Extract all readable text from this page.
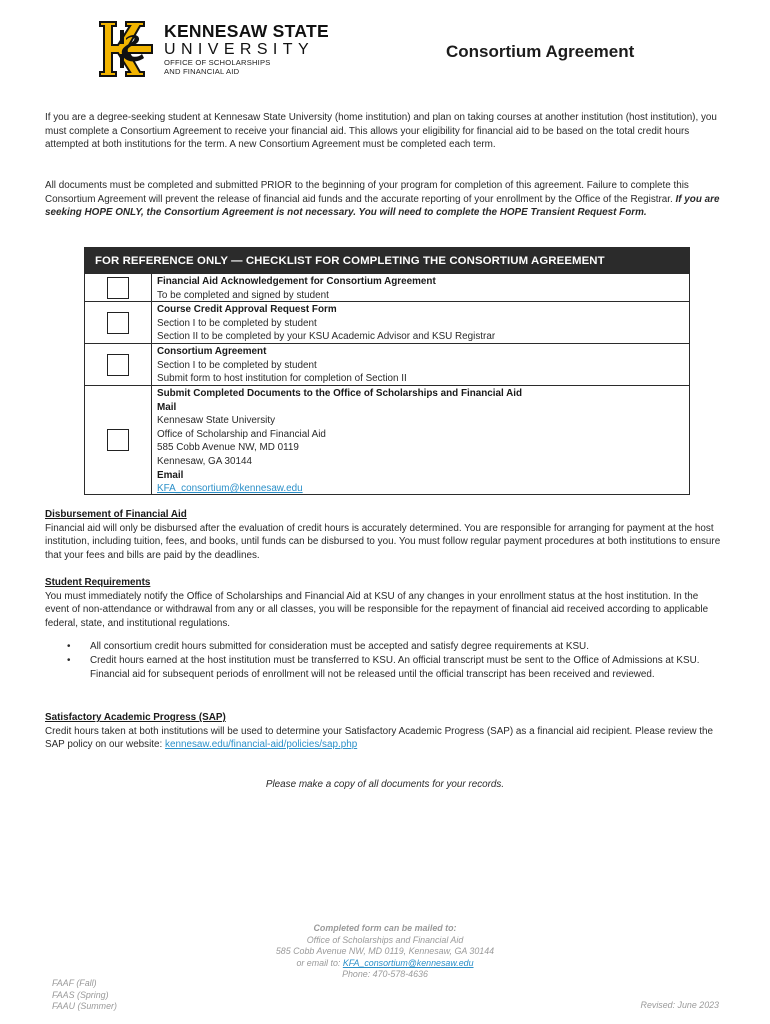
KENNESAW STATE
UNIVERSITY
OFFICE OF SCHOLARSHIPS
AND FINANCIAL AID
Consortium Agreement
If you are a degree-seeking student at Kennesaw State University (home institution) and plan on taking courses at another institution (host institution), you must complete a Consortium Agreement to receive your financial aid. This allows your eligibility for financial aid to be based on the total credit hours attempted at both institutions for the term. A new Consortium Agreement must be completed each term.
All documents must be completed and submitted PRIOR to the beginning of your program for completion of this agreement. Failure to complete this Consortium Agreement will prevent the release of financial aid funds and the accurate reporting of your enrollment by the Office of the Registrar. If you are seeking HOPE ONLY, the Consortium Agreement is not necessary. You will need to complete the HOPE Transient Request Form.
FOR REFERENCE ONLY — CHECKLIST FOR COMPLETING THE CONSORTIUM AGREEMENT
Financial Aid Acknowledgement for Consortium Agreement
To be completed and signed by student
Course Credit Approval Request Form
Section I to be completed by student
Section II to be completed by your KSU Academic Advisor and KSU Registrar
Consortium Agreement
Section I to be completed by student
Submit form to host institution for completion of Section II
Submit Completed Documents to the Office of Scholarships and Financial Aid
Mail
Kennesaw State University
Office of Scholarship and Financial Aid
585 Cobb Avenue NW, MD 0119
Kennesaw, GA 30144
Email
KFA_consortium@kennesaw.edu
Disbursement of Financial Aid
Financial aid will only be disbursed after the evaluation of credit hours is accurately determined. You are responsible for arranging for payment at the host institution, including tuition, fees, and books, until funds can be disbursed to you. You must follow regular payment procedures at both institutions to ensure that your fees and bills are paid by the deadlines.
Student Requirements
You must immediately notify the Office of Scholarships and Financial Aid at KSU of any changes in your enrollment status at the host institution. In the event of non-attendance or withdrawal from any or all classes, you will be responsible for the repayment of financial aid received according to applicable federal, state, and institutional regulations.
• All consortium credit hours submitted for consideration must be accepted and satisfy degree requirements at KSU.
• Credit hours earned at the host institution must be transferred to KSU. An official transcript must be sent to the Office of Admissions at KSU. Financial aid for subsequent periods of enrollment will not be released until the official transcript has been received and reviewed.
Satisfactory Academic Progress (SAP)
Credit hours taken at both institutions will be used to determine your Satisfactory Academic Progress (SAP) as a financial aid recipient. Please review the SAP policy on our website: kennesaw.edu/financial-aid/policies/sap.php
Please make a copy of all documents for your records.
Completed form can be mailed to:
Office of Scholarships and Financial Aid
585 Cobb Avenue NW, MD 0119, Kennesaw, GA 30144
or email to: KFA_consortium@kennesaw.edu
Phone: 470-578-4636
FAAF (Fall)
FAAS (Spring)
FAAU (Summer)	Revised: June 2023
